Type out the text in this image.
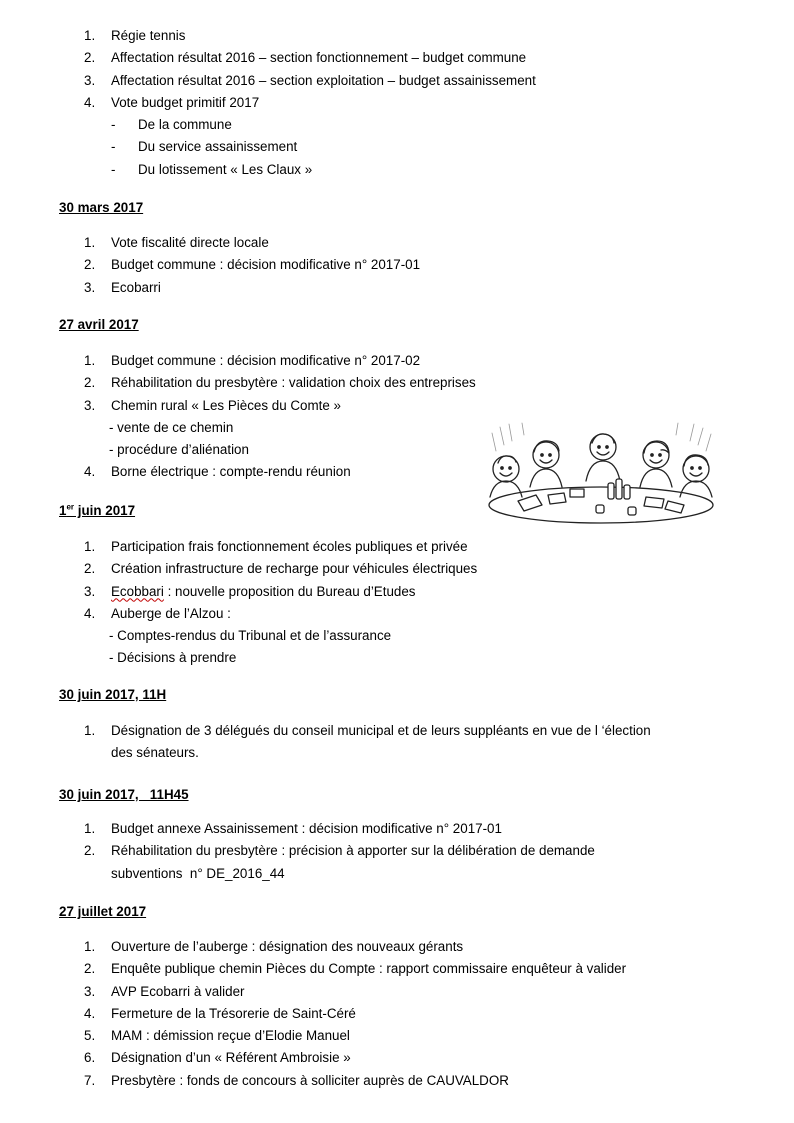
1. Régie tennis
2. Affectation résultat 2016 – section fonctionnement – budget commune
3. Affectation résultat 2016 – section exploitation – budget assainissement
4. Vote budget primitif 2017
- De la commune
- Du service assainissement
- Du lotissement « Les Claux »
30 mars 2017
1. Vote fiscalité directe locale
2. Budget commune : décision modificative n° 2017-01
3. Ecobarri
27 avril 2017
1. Budget commune : décision modificative n° 2017-02
2. Réhabilitation du presbytère : validation choix des entreprises
3. Chemin rural « Les Pièces du Comte »
- vente de ce chemin
- procédure d’aliénation
4. Borne électrique : compte-rendu réunion
1er juin 2017
1. Participation frais fonctionnement écoles publiques et privée
2. Création infrastructure de recharge pour véhicules électriques
3. Ecobbari : nouvelle proposition du Bureau d’Etudes
4. Auberge de l’Alzou :
- Comptes-rendus du Tribunal et de l’assurance
- Décisions à prendre
30 juin 2017, 11H
1. Désignation de 3 délégués du conseil municipal et de leurs suppléants en vue de l ‘élection
des sénateurs.
30 juin 2017,   11H45
1. Budget annexe Assainissement : décision modificative n° 2017-01
2. Réhabilitation du presbytère : précision à apporter sur la délibération de demande
subventions  n° DE_2016_44
27 juillet 2017
1. Ouverture de l’auberge : désignation des nouveaux gérants
2. Enquête publique chemin Pièces du Compte : rapport commissaire enquêteur à valider
3. AVP Ecobarri à valider
4. Fermeture de la Trésorerie de Saint-Céré
5. MAM : démission reçue d’Elodie Manuel
6. Désignation d’un « Référent Ambroisie »
7. Presbytère : fonds de concours à solliciter auprès de CAUVALDOR
